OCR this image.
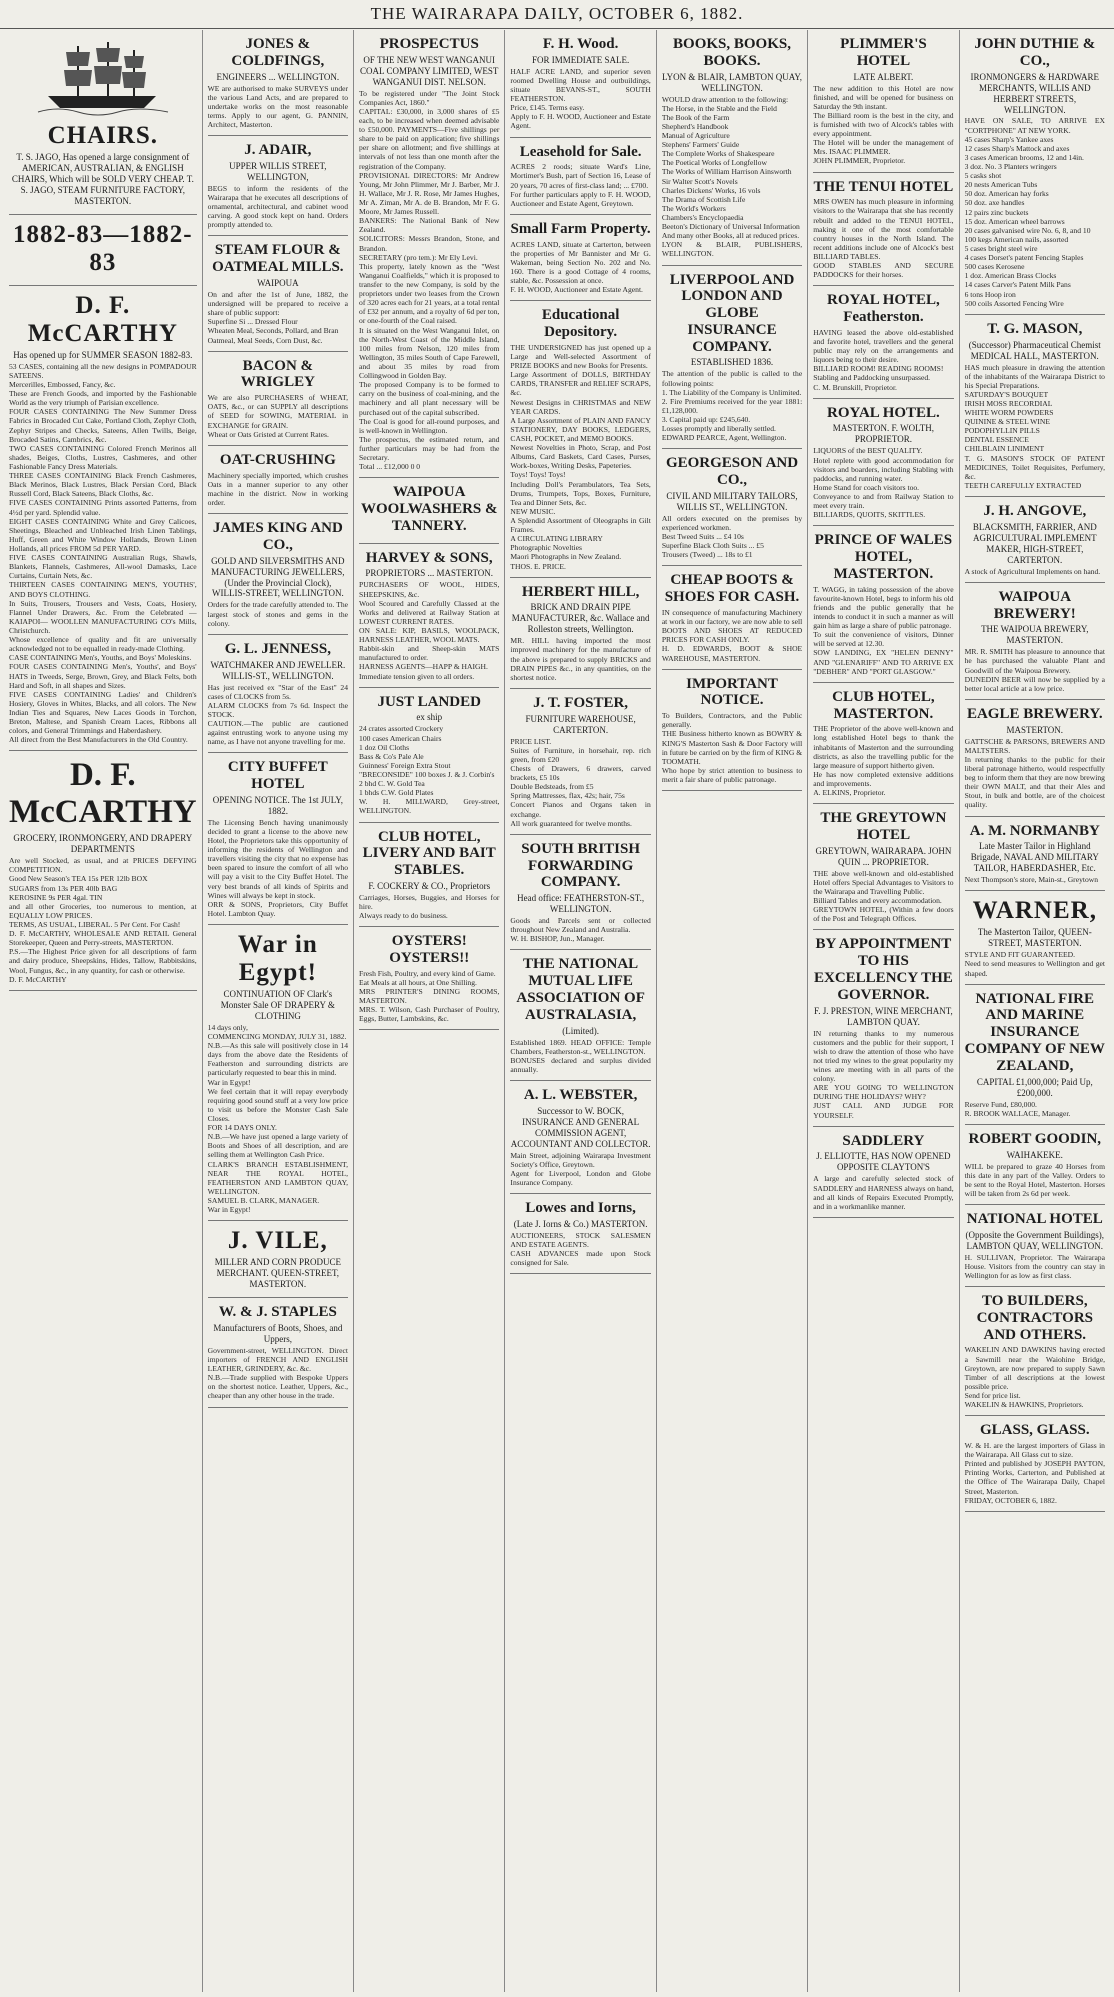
THE WAIRARAPA DAILY, OCTOBER 6, 1882.
CHAIRS.
T. S. JAGO, Has opened a large consignment of AMERICAN, AUSTRALIAN, & ENGLISH CHAIRS, Which will be SOLD VERY CHEAP. T. S. JAGO, STEAM FURNITURE FACTORY, MASTERTON.
1882-83—1882-83
D. F. McCARTHY
Has opened up for SUMMER SEASON 1882-83.
53 CASES, containing all the new designs in POMPADOUR SATEENS.
Mercerilles, Embossed, Fancy, &c.
These are French Goods, and imported by the Fashionable World as the very triumph of Parisian excellence.
FOUR CASES CONTAINING The New Summer Dress Fabrics in Brocaded Cut Cake, Portland Cloth, Zephyr Cloth, Zephyr Stripes and Checks, Sateens, Allen Twills, Beige, Brocaded Satins, Cambrics, &c.
TWO CASES CONTAINING Colored French Merinos all shades, Beiges, Cloths, Lustres, Cashmeres, and other Fashionable Fancy Dress Materials.
THREE CASES CONTAINING Black French Cashmeres, Black Merinos, Black Lustres, Black Persian Cord, Black Russell Cord, Black Sateens, Black Cloths, &c.
FIVE CASES CONTAINING Prints assorted Patterns, from 4½d per yard. Splendid value.
EIGHT CASES CONTAINING White and Grey Calicoes, Sheetings, Bleached and Unbleached Irish Linen Tablings, Huff, Green and White Window Hollands, Brown Linen Hollands, all prices FROM 5d PER YARD.
FIVE CASES CONTAINING Australian Rugs, Shawls, Blankets, Flannels, Cashmeres, All-wool Damasks, Lace Curtains, Curtain Nets, &c.
THIRTEEN CASES CONTAINING MEN'S, YOUTHS', AND BOYS CLOTHING.
In Suits, Trousers, Trousers and Vests, Coats, Hosiery, Flannel Under Drawers, &c. From the Celebrated —KAIAPOI— WOOLLEN MANUFACTURING CO's Mills, Christchurch.
Whose excellence of quality and fit are universally acknowledged not to be equalled in ready-made Clothing.
CASE CONTAINING Men's, Youths, and Boys' Moleskins.
FOUR CASES CONTAINING Men's, Youths', and Boys' HATS in Tweeds, Serge, Brown, Grey, and Black Felts, both Hard and Soft, in all shapes and Sizes.
FIVE CASES CONTAINING Ladies' and Children's Hosiery, Gloves in Whites, Blacks, and all colors. The New Indian Ties and Squares, New Laces Goods in Torchon, Breton, Maltese, and Spanish Cream Laces, Ribbons all colors, and General Trimmings and Haberdashery.
All direct from the Best Manufacturers in the Old Country.
D. F. McCARTHY
GROCERY, IRONMONGERY, AND DRAPERY DEPARTMENTS
Are well Stocked, as usual, and at PRICES DEFYING COMPETITION.
Good New Season's TEA 15s PER 12lb BOX
SUGARS from 13s PER 40lb BAG
KEROSINE 9s PER 4gal. TIN
and all other Groceries, too numerous to mention, at EQUALLY LOW PRICES.
TERMS, AS USUAL, LIBERAL. 5 Per Cent. For Cash!
D. F. McCARTHY, WHOLESALE AND RETAIL General Storekeeper, Queen and Perry-streets, MASTERTON.
P.S.—The Highest Price given for all descriptions of farm and dairy produce, Sheepskins, Hides, Tallow, Rabbitskins, Wool, Fungus, &c., in any quantity, for cash or otherwise.
D. F. McCARTHY
JONES & COLDFINGS,
ENGINEERS ... WELLINGTON.
WE are authorised to make SURVEYS under the various Land Acts, and are prepared to undertake works on the most reasonable terms. Apply to our agent, G. PANNIN, Architect, Masterton.
J. ADAIR,
UPPER WILLIS STREET, WELLINGTON,
BEGS to inform the residents of the Wairarapa that he executes all descriptions of ornamental, architectural, and cabinet wood carving. A good stock kept on hand. Orders promptly attended to.
STEAM FLOUR & OATMEAL MILLS.
WAIPOUA
On and after the 1st of June, 1882, the undersigned will be prepared to receive a share of public support:
Superfine Si ... Dressed Flour
Wheaten Meal, Seconds, Pollard, and Bran
Oatmeal, Meal Seeds, Corn Dust, &c.
BACON & WRIGLEY
We are also PURCHASERS of WHEAT, OATS, &c., or can SUPPLY all descriptions of SEED for SOWING, MATERIAL in EXCHANGE for GRAIN.
Wheat or Oats Gristed at Current Rates.
OAT-CRUSHING
Machinery specially imported, which crushes Oats in a manner superior to any other machine in the district. Now in working order.
JAMES KING AND CO.,
GOLD AND SILVERSMITHS AND MANUFACTURING JEWELLERS, (Under the Provincial Clock), WILLIS-STREET, WELLINGTON.
Orders for the trade carefully attended to. The largest stock of stones and gems in the colony.
G. L. JENNESS,
WATCHMAKER AND JEWELLER. WILLIS-ST., WELLINGTON.
Has just received ex "Star of the East" 24 cases of CLOCKS from 5s.
ALARM CLOCKS from 7s 6d. Inspect the STOCK.
CAUTION.—The public are cautioned against entrusting work to anyone using my name, as I have not anyone travelling for me.
CITY BUFFET HOTEL
OPENING NOTICE. The 1st JULY, 1882.
The Licensing Bench having unanimously decided to grant a license to the above new Hotel, the Proprietors take this opportunity of informing the residents of Wellington and travellers visiting the city that no expense has been spared to insure the comfort of all who will pay a visit to the City Buffet Hotel. The very best brands of all kinds of Spirits and Wines will always be kept in stock.
ORR & SONS, Proprietors, City Buffet Hotel. Lambton Quay.
War in Egypt!
CONTINUATION OF Clark's Monster Sale OF DRAPERY & CLOTHING
14 days only,
COMMENCING MONDAY, JULY 31, 1882.
N.B.—As this sale will positively close in 14 days from the above date the Residents of Featherston and surrounding districts are particularly requested to bear this in mind.
War in Egypt!
We feel certain that it will repay everybody requiring good sound stuff at a very low price to visit us before the Monster Cash Sale Closes.
FOR 14 DAYS ONLY.
N.B.—We have just opened a large variety of Boots and Shoes of all description, and are selling them at Wellington Cash Price.
CLARK'S BRANCH ESTABLISHMENT, NEAR THE ROYAL HOTEL, FEATHERSTON AND LAMBTON QUAY, WELLINGTON.
SAMUEL B. CLARK, MANAGER.
War in Egypt!
J. VILE,
MILLER AND CORN PRODUCE MERCHANT. QUEEN-STREET, MASTERTON.
W. & J. STAPLES
Manufacturers of Boots, Shoes, and Uppers,
Government-street, WELLINGTON. Direct importers of FRENCH AND ENGLISH LEATHER, GRINDERY, &c. &c.
N.B.—Trade supplied with Bespoke Uppers on the shortest notice. Leather, Uppers, &c., cheaper than any other house in the trade.
PROSPECTUS
OF THE NEW WEST WANGANUI COAL COMPANY LIMITED, WEST WANGANUI DIST. NELSON.
To be registered under "The Joint Stock Companies Act, 1860."
CAPITAL: £30,000, in 3,000 shares of £5 each, to be increased when deemed advisable to £50,000. PAYMENTS—Five shillings per share to be paid on application; five shillings per share on allotment; and five shillings at intervals of not less than one month after the registration of the Company.
PROVISIONAL DIRECTORS: Mr Andrew Young, Mr John Plimmer, Mr J. Barber, Mr J. H. Wallace, Mr J. R. Rose, Mr James Hughes, Mr A. Ziman, Mr A. de B. Brandon, Mr F. G. Moore, Mr James Russell.
BANKERS: The National Bank of New Zealand.
SOLICITORS: Messrs Brandon, Stone, and Brandon.
SECRETARY (pro tem.): Mr Ely Levi.
This property, lately known as the "West Wanganui Coalfields," which it is proposed to transfer to the new Company, is sold by the proprietors under two leases from the Crown of 320 acres each for 21 years, at a total rental of £32 per annum, and a royalty of 6d per ton, or one-fourth of the Coal raised.
It is situated on the West Wanganui Inlet, on the North-West Coast of the Middle Island, 100 miles from Nelson, 120 miles from Wellington, 35 miles South of Cape Farewell, and about 35 miles by road from Collingwood in Golden Bay.
The proposed Company is to be formed to carry on the business of coal-mining, and the machinery and all plant necessary will be purchased out of the capital subscribed.
The Coal is good for all-round purposes, and is well-known in Wellington.
The prospectus, the estimated return, and further particulars may be had from the Secretary.
Total ... £12,000 0 0
WAIPOUA WOOLWASHERS & TANNERY.
HARVEY & SONS,
PROPRIETORS ... MASTERTON.
PURCHASERS OF WOOL, HIDES, SHEEPSKINS, &c.
Wool Scoured and Carefully Classed at the Works and delivered at Railway Station at LOWEST CURRENT RATES.
ON SALE: KIP, BASILS, WOOLPACK, HARNESS LEATHER, WOOL MATS.
Rabbit-skin and Sheep-skin MATS manufactured to order.
HARNESS AGENTS—HAPP & HAIGH.
Immediate tension given to all orders.
JUST LANDED
ex ship
24 crates assorted Crockery
100 cases American Chairs
1 doz Oil Cloths
Bass & Co's Pale Ale
Guinness' Foreign Extra Stout
"BRECONSIDE" 100 boxes J. & J. Corbin's
2 bhd C. W. Gold Tea
1 bhds C.W. Gold Plates
W. H. MILLWARD, Grey-street, WELLINGTON.
CLUB HOTEL, LIVERY AND BAIT STABLES.
F. COCKERY & CO., Proprietors
Carriages, Horses, Buggies, and Horses for hire.
Always ready to do business.
OYSTERS! OYSTERS!!
Fresh Fish, Poultry, and every kind of Game.
Eat Meals at all hours, at One Shilling.
MRS PRINTER'S DINING ROOMS, MASTERTON.
MRS. T. Wilson, Cash Purchaser of Poultry, Eggs, Butter, Lambskins, &c.
F. H. Wood.
FOR IMMEDIATE SALE.
HALF ACRE LAND, and superior seven roomed Dwelling House and outbuildings, situate BEVANS-ST., SOUTH FEATHERSTON.
Price, £145. Terms easy.
Apply to F. H. WOOD, Auctioneer and Estate Agent.
Leasehold for Sale.
ACRES 2 roods; situate Ward's Line, Mortimer's Bush, part of Section 16, Lease of 20 years, 70 acres of first-class land; ... £700.
For further particulars apply to F. H. WOOD, Auctioneer and Estate Agent, Greytown.
Small Farm Property.
ACRES LAND, situate at Carterton, between the properties of Mr Bannister and Mr G. Wakeman, being Section No. 202 and No. 160. There is a good Cottage of 4 rooms, stable, &c. Possession at once.
F. H. WOOD, Auctioneer and Estate Agent.
Educational Depository.
THE UNDERSIGNED has just opened up a Large and Well-selected Assortment of PRIZE BOOKS and new Books for Presents.
Large Assortment of DOLLS, BIRTHDAY CARDS, TRANSFER and RELIEF SCRAPS, &c.
Newest Designs in CHRISTMAS and NEW YEAR CARDS.
A Large Assortment of PLAIN AND FANCY STATIONERY, DAY BOOKS, LEDGERS, CASH, POCKET, and MEMO BOOKS.
Newest Novelties in Photo, Scrap, and Post Albums, Card Baskets, Card Cases, Purses, Work-boxes, Writing Desks, Papeteries.
Toys! Toys! Toys!
Including Doll's Perambulators, Tea Sets, Drums, Trumpets, Tops, Boxes, Furniture, Tea and Dinner Sets, &c.
NEW MUSIC.
A Splendid Assortment of Oleographs in Gilt Frames.
A CIRCULATING LIBRARY
Photographic Novelties
Maori Photographs in New Zealand.
THOS. E. PRICE.
HERBERT HILL,
BRICK AND DRAIN PIPE MANUFACTURER, &c. Wallace and Rolleston streets, Wellington.
MR. HILL having imported the most improved machinery for the manufacture of the above is prepared to supply BRICKS and DRAIN PIPES &c., in any quantities, on the shortest notice.
J. T. FOSTER,
FURNITURE WAREHOUSE, CARTERTON.
PRICE LIST.
Suites of Furniture, in horsehair, rep. rich green, from £20
Chests of Drawers, 6 drawers, carved brackets, £5 10s
Double Bedsteads, from £5
Spring Mattresses, flax, 42s; hair, 75s
Concert Pianos and Organs taken in exchange.
All work guaranteed for twelve months.
SOUTH BRITISH FORWARDING COMPANY.
Head office: FEATHERSTON-ST., WELLINGTON.
Goods and Parcels sent or collected throughout New Zealand and Australia.
W. H. BISHOP, Jun., Manager.
THE NATIONAL MUTUAL LIFE ASSOCIATION OF AUSTRALASIA,
(Limited).
Established 1869. HEAD OFFICE: Temple Chambers, Featherston-st., WELLINGTON.
BONUSES declared and surplus divided annually.
A. L. WEBSTER,
Successor to W. BOCK, INSURANCE AND GENERAL COMMISSION AGENT, ACCOUNTANT AND COLLECTOR.
Main Street, adjoining Wairarapa Investment Society's Office, Greytown.
Agent for Liverpool, London and Globe Insurance Company.
Lowes and Iorns,
(Late J. Iorns & Co.) MASTERTON.
AUCTIONEERS, STOCK SALESMEN AND ESTATE AGENTS.
CASH ADVANCES made upon Stock consigned for Sale.
BOOKS, BOOKS, BOOKS.
LYON & BLAIR, LAMBTON QUAY, WELLINGTON.
WOULD draw attention to the following:
The Horse, in the Stable and the Field
The Book of the Farm
Shepherd's Handbook
Manual of Agriculture
Stephens' Farmers' Guide
The Complete Works of Shakespeare
The Poetical Works of Longfellow
The Works of William Harrison Ainsworth
Sir Walter Scott's Novels
Charles Dickens' Works, 16 vols
The Drama of Scottish Life
The World's Workers
Chambers's Encyclopaedia
Beeton's Dictionary of Universal Information
And many other Books, all at reduced prices.
LYON & BLAIR, PUBLISHERS, WELLINGTON.
LIVERPOOL AND LONDON AND GLOBE INSURANCE COMPANY.
ESTABLISHED 1836.
The attention of the public is called to the following points:
1. The Liability of the Company is Unlimited.
2. Fire Premiums received for the year 1881: £1,128,000.
3. Capital paid up: £245,640.
Losses promptly and liberally settled.
EDWARD PEARCE, Agent, Wellington.
GEORGESON AND CO.,
CIVIL AND MILITARY TAILORS, WILLIS ST., WELLINGTON.
All orders executed on the premises by experienced workmen.
Best Tweed Suits ... £4 10s
Superfine Black Cloth Suits ... £5
Trousers (Tweed) ... 18s to £1
CHEAP BOOTS & SHOES FOR CASH.
IN consequence of manufacturing Machinery at work in our factory, we are now able to sell BOOTS AND SHOES AT REDUCED PRICES FOR CASH ONLY.
H. D. EDWARDS, BOOT & SHOE WAREHOUSE, MASTERTON.
IMPORTANT NOTICE.
To Builders, Contractors, and the Public generally.
THE Business hitherto known as BOWRY & KING'S Masterton Sash & Door Factory will in future be carried on by the firm of KING & TOOMATH.
Who hope by strict attention to business to merit a fair share of public patronage.
PLIMMER'S HOTEL
LATE ALBERT.
The new addition to this Hotel are now finished, and will be opened for business on Saturday the 9th instant.
The Billiard room is the best in the city, and is furnished with two of Alcock's tables with every appointment.
The Hotel will be under the management of Mrs. ISAAC PLIMMER.
JOHN PLIMMER, Proprietor.
THE TENUI HOTEL
MRS OWEN has much pleasure in informing visitors to the Wairarapa that she has recently rebuilt and added to the TENUI HOTEL, making it one of the most comfortable country houses in the North Island. The recent additions include one of Alcock's best BILLIARD TABLES.
GOOD STABLES AND SECURE PADDOCKS for their horses.
ROYAL HOTEL, Featherston.
HAVING leased the above old-established and favorite hotel, travellers and the general public may rely on the arrangements and liquors being to their desire.
BILLIARD ROOM! READING ROOMS!
Stabling and Paddocking unsurpassed.
C. M. Brunskill, Proprietor.
ROYAL HOTEL.
MASTERTON. F. WOLTH, PROPRIETOR.
LIQUORS of the BEST QUALITY.
Hotel replete with good accommodation for visitors and boarders, including Stabling with paddocks, and running water.
Home Stand for coach visitors too.
Conveyance to and from Railway Station to meet every train.
BILLIARDS, QUOITS, SKITTLES.
PRINCE OF WALES HOTEL, MASTERTON.
T. WAGG, in taking possession of the above favourite-known Hotel, begs to inform his old friends and the public generally that he intends to conduct it in such a manner as will gain him as large a share of public patronage.
To suit the convenience of visitors, Dinner will be served at 12.30.
SOW LANDING, EX "HELEN DENNY" AND "GLENARIFF" AND TO ARRIVE EX "DEBHER" AND "PORT GLASGOW."
CLUB HOTEL, MASTERTON.
THE Proprietor of the above well-known and long established Hotel begs to thank the inhabitants of Masterton and the surrounding districts, as also the travelling public for the large measure of support hitherto given.
He has now completed extensive additions and improvements.
A. ELKINS, Proprietor.
THE GREYTOWN HOTEL
GREYTOWN, WAIRARAPA. JOHN QUIN ... PROPRIETOR.
THE above well-known and old-established Hotel offers Special Advantages to Visitors to the Wairarapa and Travelling Public.
Billiard Tables and every accommodation.
GREYTOWN HOTEL, (Within a few doors of the Post and Telegraph Offices.
BY APPOINTMENT TO HIS EXCELLENCY THE GOVERNOR.
F. J. PRESTON, WINE MERCHANT, LAMBTON QUAY.
IN returning thanks to my numerous customers and the public for their support, I wish to draw the attention of those who have not tried my wines to the great popularity my wines are meeting with in all parts of the colony.
ARE YOU GOING TO WELLINGTON DURING THE HOLIDAYS? WHY?
JUST CALL AND JUDGE FOR YOURSELF.
SADDLERY
J. ELLIOTTE, HAS NOW OPENED OPPOSITE CLAYTON'S
A large and carefully selected stock of SADDLERY and HARNESS always on hand, and all kinds of Repairs Executed Promptly, and in a workmanlike manner.
JOHN DUTHIE & CO.,
IRONMONGERS & HARDWARE MERCHANTS, WILLIS AND HERBERT STREETS, WELLINGTON.
HAVE ON SALE, TO ARRIVE EX "CORTPHONE" AT NEW YORK.
45 cases Sharp's Yankee axes
12 cases Sharp's Mattock and axes
3 cases American brooms, 12 and 14in.
3 doz. No. 3 Planters wringers
5 casks shot
20 nests American Tubs
50 doz. American hay forks
50 doz. axe handles
12 pairs zinc buckets
15 doz. American wheel barrows
20 cases galvanised wire No. 6, 8, and 10
100 kegs American nails, assorted
5 cases bright steel wire
4 cases Dorset's patent Fencing Staples
500 cases Kerosene
1 doz. American Brass Clocks
14 cases Carver's Patent Milk Pans
6 tons Hoop iron
500 coils Assorted Fencing Wire
T. G. MASON,
(Successor) Pharmaceutical Chemist MEDICAL HALL, MASTERTON.
HAS much pleasure in drawing the attention of the inhabitants of the Wairarapa District to his Special Preparations.
SATURDAY'S BOUQUET
IRISH MOSS RECORDIAL
WHITE WORM POWDERS
QUININE & STEEL WINE
PODOPHYLLIN PILLS
DENTAL ESSENCE
CHILBLAIN LINIMENT
T. G. MASON'S STOCK OF PATENT MEDICINES, Toilet Requisites, Perfumery, &c.
TEETH CAREFULLY EXTRACTED
J. H. ANGOVE,
BLACKSMITH, FARRIER, AND AGRICULTURAL IMPLEMENT MAKER, HIGH-STREET, CARTERTON.
A stock of Agricultural Implements on hand.
WAIPOUA BREWERY!
THE WAIPOUA BREWERY, MASTERTON.
MR. R. SMITH has pleasure to announce that he has purchased the valuable Plant and Goodwill of the Waipoua Brewery.
DUNEDIN BEER will now be supplied by a better local article at a low price.
EAGLE BREWERY.
MASTERTON.
GATTSCHE & PARSONS, BREWERS AND MALTSTERS.
In returning thanks to the public for their liberal patronage hitherto, would respectfully beg to inform them that they are now brewing their OWN MALT, and that their Ales and Stout, in bulk and bottle, are of the choicest quality.
A. M. NORMANBY
Late Master Tailor in Highland Brigade, NAVAL AND MILITARY TAILOR, HABERDASHER, Etc.
Next Thompson's store, Main-st., Greytown
WARNER,
The Masterton Tailor, QUEEN-STREET, MASTERTON.
STYLE AND FIT GUARANTEED.
Need to send measures to Wellington and get shaped.
NATIONAL FIRE AND MARINE INSURANCE COMPANY OF NEW ZEALAND,
CAPITAL £1,000,000; Paid Up, £200,000.
Reserve Fund, £80,000.
R. BROOK WALLACE, Manager.
ROBERT GOODIN,
WAIHAKEKE.
WILL be prepared to graze 40 Horses from this date in any part of the Valley. Orders to be sent to the Royal Hotel, Masterton. Horses will be taken from 2s 6d per week.
NATIONAL HOTEL
(Opposite the Government Buildings), LAMBTON QUAY, WELLINGTON.
H. SULLIVAN, Proprietor. The Wairarapa House. Visitors from the country can stay in Wellington for as low as first class.
TO BUILDERS, CONTRACTORS AND OTHERS.
WAKELIN AND DAWKINS having erected a Sawmill near the Waiohine Bridge, Greytown, are now prepared to supply Sawn Timber of all descriptions at the lowest possible price.
Send for price list.
WAKELIN & HAWKINS, Proprietors.
GLASS, GLASS.
W. & H. are the largest importers of Glass in the Wairarapa. All Glass cut to size.
Printed and published by JOSEPH PAYTON, Printing Works, Carterton, and Published at the Office of The Wairarapa Daily, Chapel Street, Masterton.
FRIDAY, OCTOBER 6, 1882.
